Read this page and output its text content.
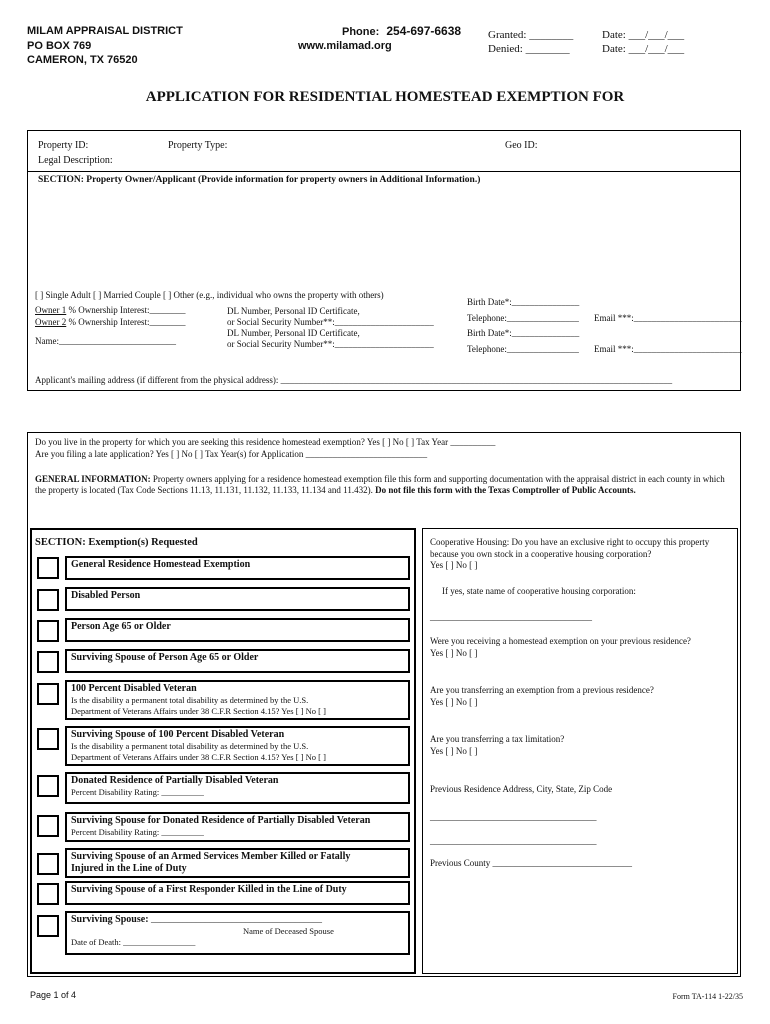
MILAM APPRAISAL DISTRICT
PO BOX 769
CAMERON, TX 76520
Phone: 254-697-6638
www.milamad.org
Granted: ________
Denied: ________
Date: ___/___/___
Date: ___/___/___
APPLICATION FOR RESIDENTIAL HOMESTEAD EXEMPTION FOR
Property ID:	Property Type:	Geo ID:
Legal Description:
SECTION: Property Owner/Applicant (Provide information for property owners in Additional Information.)
[ ] Single Adult [ ] Married Couple [ ] Other (e.g., individual who owns the property with others)
Owner 1 % Ownership Interest:________
Owner 2 % Ownership Interest:________
Name:__________________________
DL Number, Personal ID Certificate,
or Social Security Number**:______________________
DL Number, Personal ID Certificate,
or Social Security Number**:______________________
Birth Date*:_______________
Telephone:________________ Email ***:________________________
Birth Date*:_______________
Telephone:________________ Email ***:________________________
Applicant's mailing address (if different from the physical address): _______________________________________________________________________________________
Do you live in the property for which you are seeking this residence homestead exemption? Yes [ ] No [ ] Tax Year __________
Are you filing a late application? Yes [ ] No [ ] Tax Year(s) for Application ___________________________
GENERAL INFORMATION: Property owners applying for a residence homestead exemption file this form and supporting documentation with the appraisal district in each county in which the property is located (Tax Code Sections 11.13, 11.131, 11.132, 11.133, 11.134 and 11.432). Do not file this form with the Texas Comptroller of Public Accounts.
SECTION: Exemption(s) Requested
General Residence Homestead Exemption
Disabled Person
Person Age 65 or Older
Surviving Spouse of Person Age 65 or Older
100 Percent Disabled Veteran
Is the disability a permanent total disability as determined by the U.S.
Department of Veterans Affairs under 38 C.F.R Section 4.15? Yes [ ] No [ ]
Surviving Spouse of 100 Percent Disabled Veteran
Is the disability a permanent total disability as determined by the U.S.
Department of Veterans Affairs under 38 C.F.R Section 4.15? Yes [ ] No [ ]
Donated Residence of Partially Disabled Veteran
Percent Disability Rating: __________
Surviving Spouse for Donated Residence of Partially Disabled Veteran
Percent Disability Rating: __________
Surviving Spouse of an Armed Services Member Killed or Fatally
Injured in the Line of Duty
Surviving Spouse of a First Responder Killed in the Line of Duty
Surviving Spouse: ______________________________________
Name of Deceased Spouse
Date of Death: _________________
Cooperative Housing: Do you have an exclusive right to occupy this property because you own stock in a cooperative housing corporation?
Yes [ ] No [ ]
If yes, state name of cooperative housing corporation:
____________________________________
Were you receiving a homestead exemption on your previous residence?
Yes [ ] No [ ]
Are you transferring an exemption from a previous residence?
Yes [ ] No [ ]
Are you transferring a tax limitation?
Yes [ ] No [ ]
Previous Residence Address, City, State, Zip Code
_____________________________________
_____________________________________
Previous County _______________________________
Page 1 of 4	Form TA-114 1-22/35
